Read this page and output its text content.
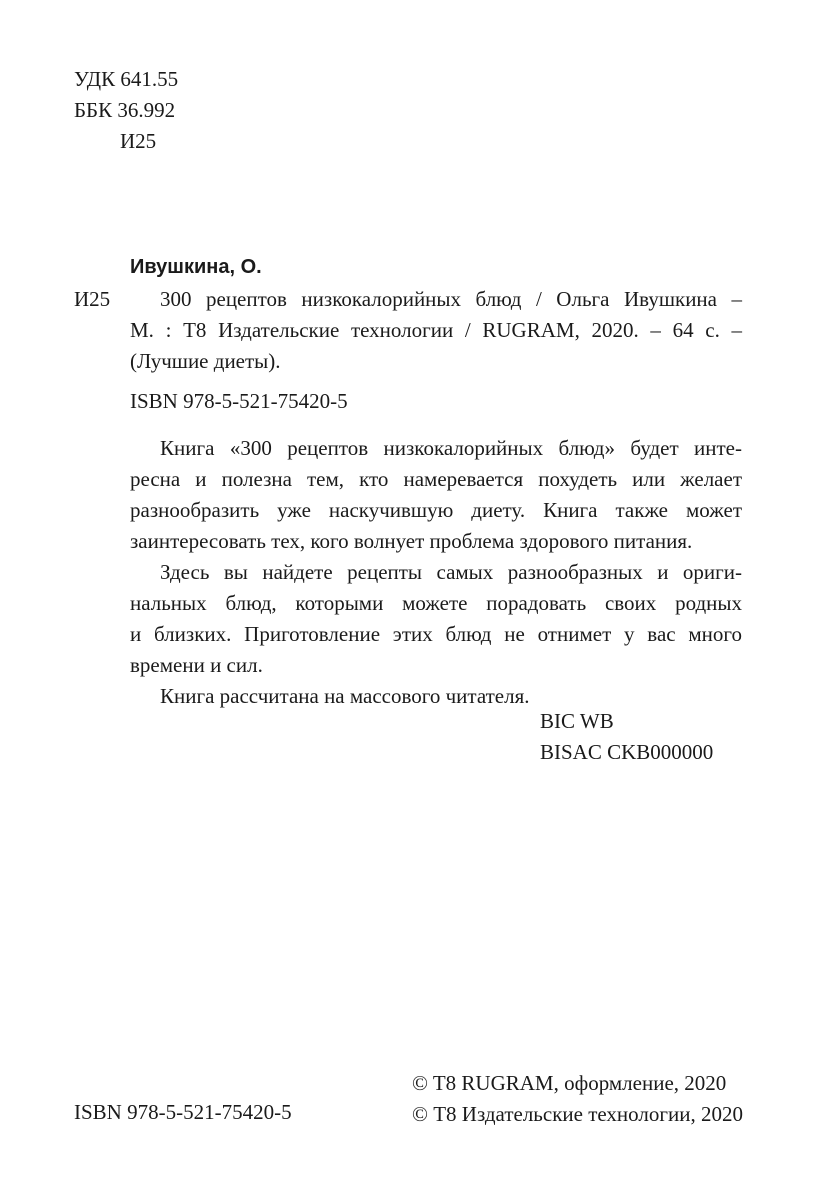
УДК 641.55
ББК 36.992
И25
Ивушкина, О.
И25	300 рецептов низкокалорийных блюд / Ольга Ивушкина –
М. : Т8 Издательские технологии / RUGRAM, 2020. – 64 с. –
(Лучшие диеты).
ISBN 978-5-521-75420-5
Книга «300 рецептов низкокалорийных блюд» будет инте-
ресна и полезна тем, кто намеревается похудеть или желает
разнообразить уже наскучившую диету. Книга также может
заинтересовать тех, кого волнует проблема здорового питания.
Здесь вы найдете рецепты самых разнообразных и ориги-
нальных блюд, которыми можете порадовать своих родных
и близких. Приготовление этих блюд не отнимет у вас много
времени и сил.
Книга рассчитана на массового читателя.
BIC WB
BISAC CKB000000
ISBN 978-5-521-75420-5
© T8 RUGRAM, оформление, 2020
© Т8 Издательские технологии, 2020
